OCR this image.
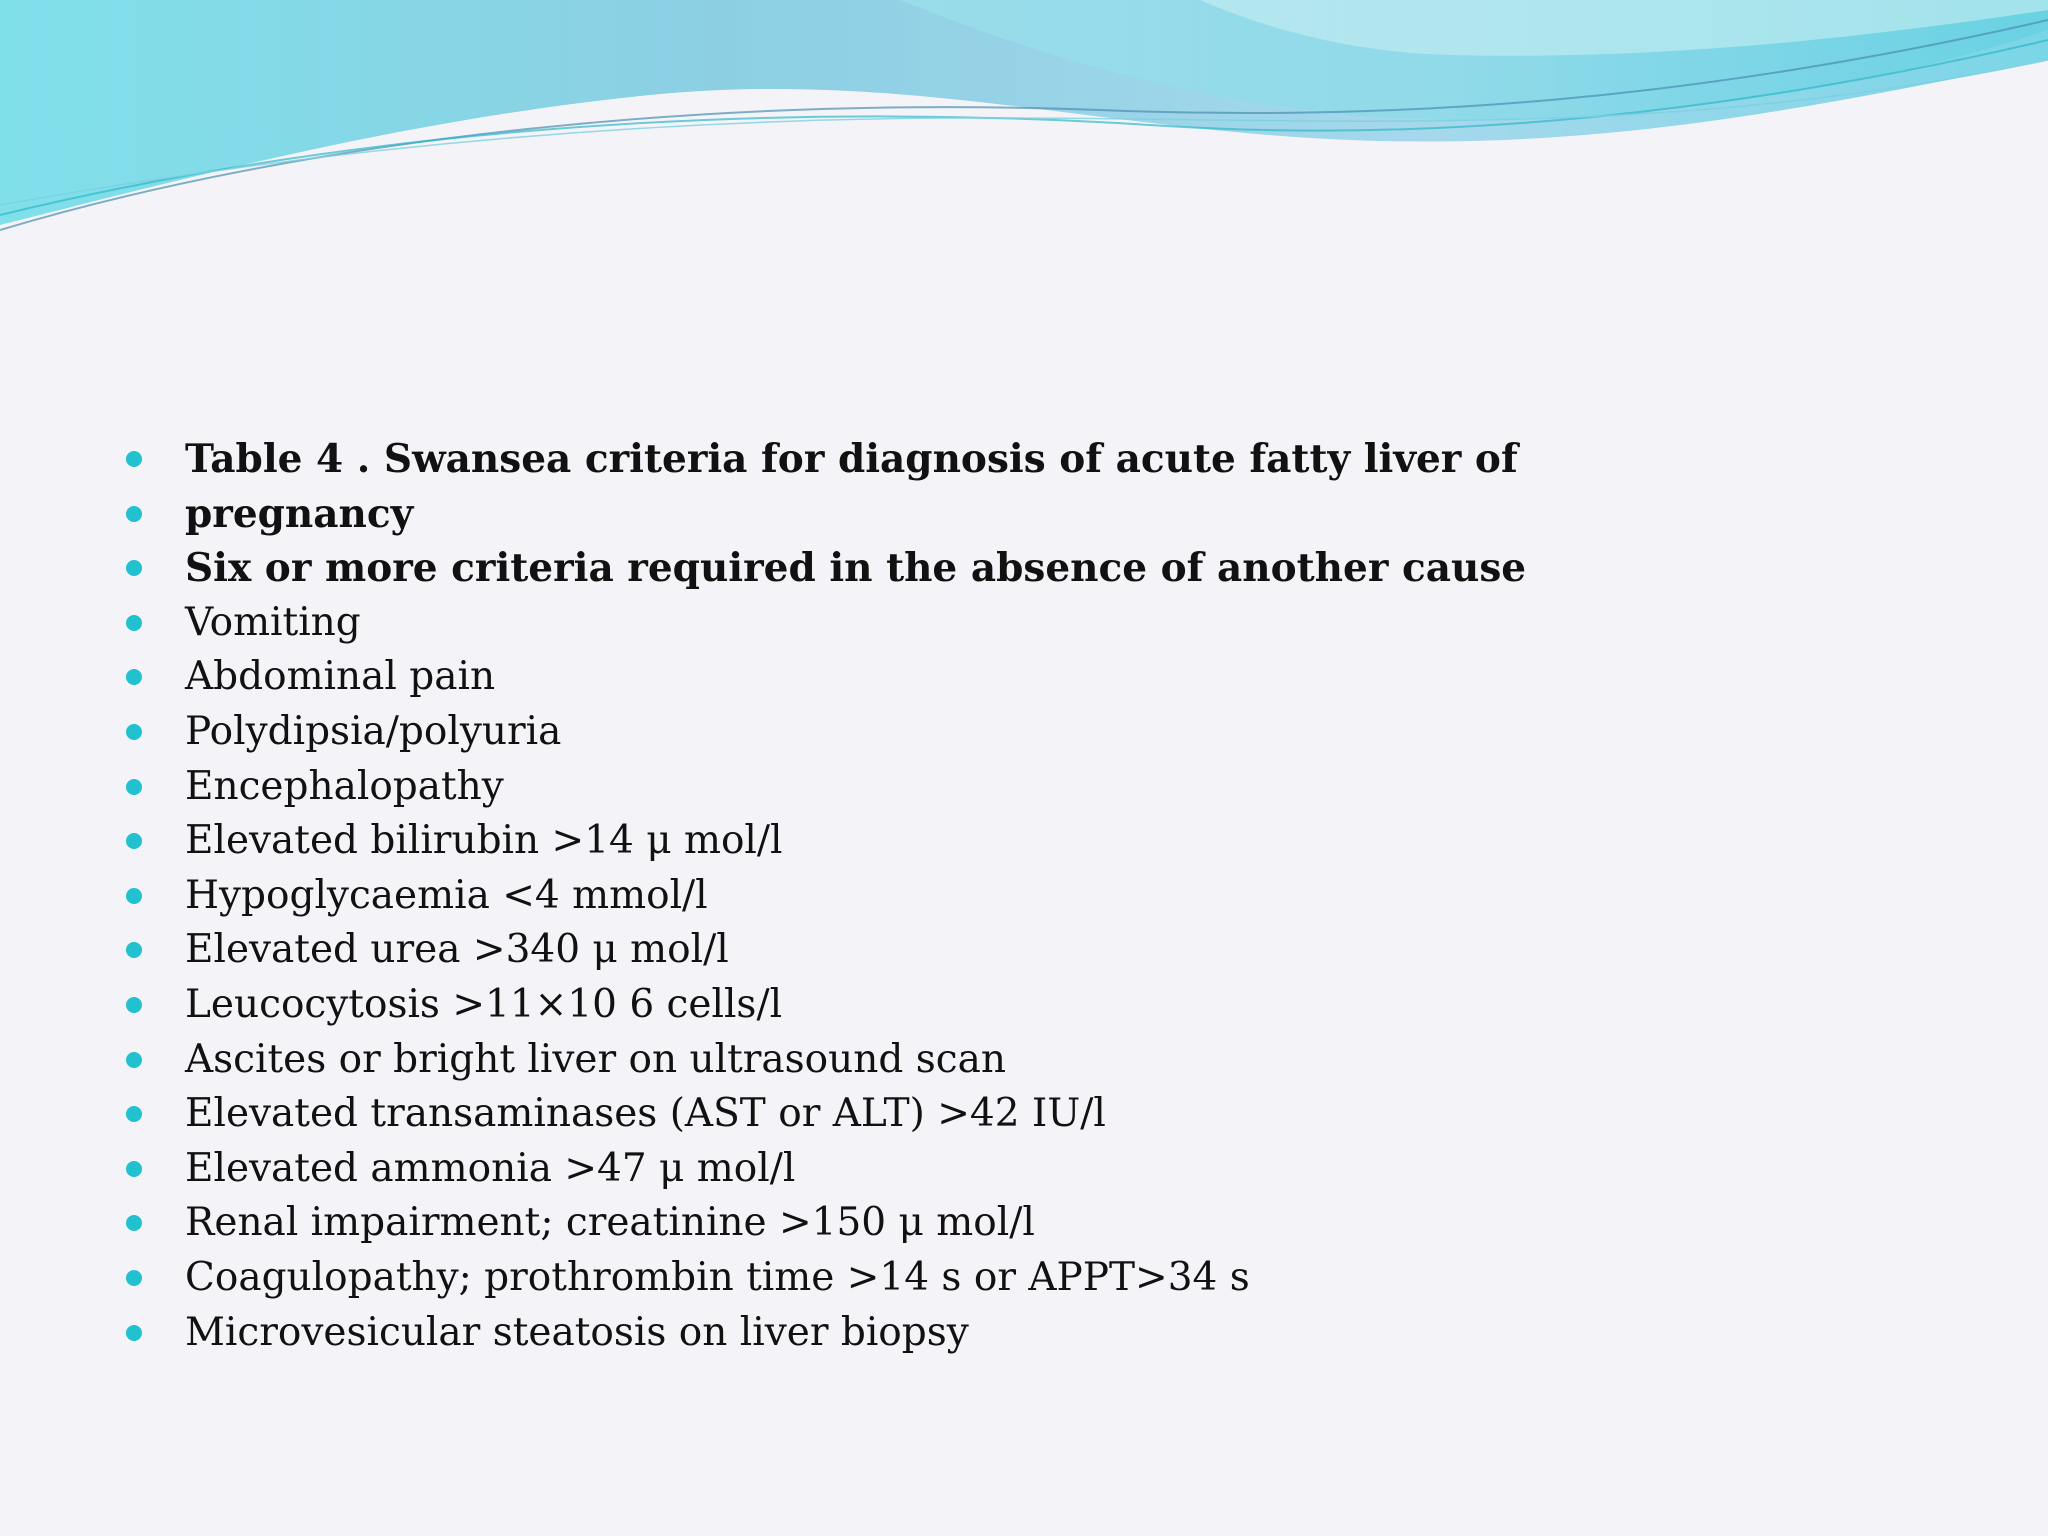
Table 4 . Swansea criteria for diagnosis of acute fatty liver of
pregnancy
Six or more criteria required in the absence of another cause
Vomiting
Abdominal pain
Polydipsia/polyuria
Encephalopathy
Elevated bilirubin >14 μ mol/l
Hypoglycaemia <4 mmol/l
Elevated urea >340 μ mol/l
Leucocytosis >11×10 6 cells/l
Ascites or bright liver on ultrasound scan
Elevated transaminases (AST or ALT) >42 IU/l
Elevated ammonia >47 μ mol/l
Renal impairment; creatinine >150 μ mol/l
Coagulopathy; prothrombin time >14 s or APPT>34 s
Microvesicular steatosis on liver biopsy
